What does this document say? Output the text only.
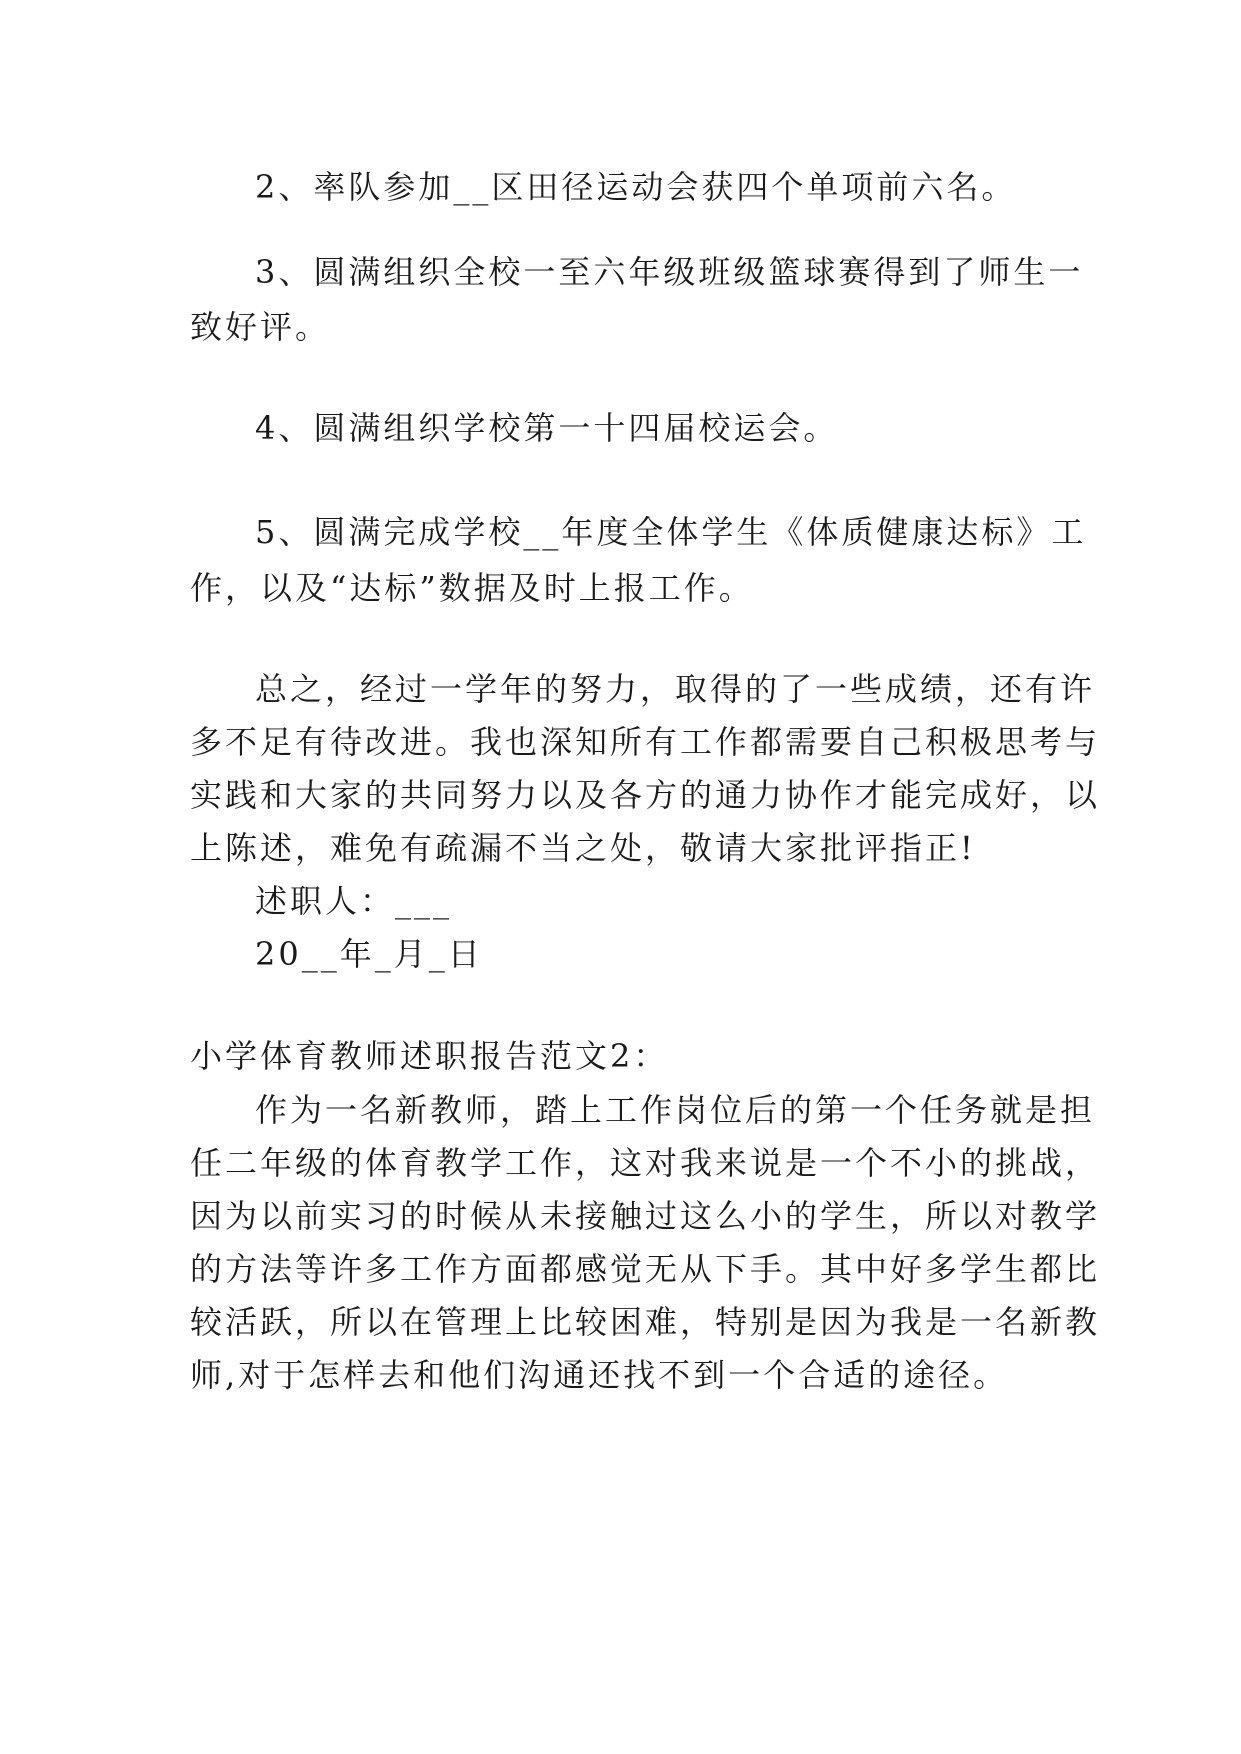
2、率队参加__区田径运动会获四个单项前六名。
3、圆满组织全校一至六年级班级篮球赛得到了师生一
致好评。
4、圆满组织学校第一十四届校运会。
5、圆满完成学校__年度全体学生《体质健康达标》工
作，以及“达标”数据及时上报工作。
总之，经过一学年的努力，取得的了一些成绩，还有许
多不足有待改进。我也深知所有工作都需要自己积极思考与
实践和大家的共同努力以及各方的通力协作才能完成好，以
上陈述，难免有疏漏不当之处，敬请大家批评指正!
述职人：___
20__年_月_日
小学体育教师述职报告范文2：
作为一名新教师，踏上工作岗位后的第一个任务就是担
任二年级的体育教学工作，这对我来说是一个不小的挑战，
因为以前实习的时候从未接触过这么小的学生，所以对教学
的方法等许多工作方面都感觉无从下手。其中好多学生都比
较活跃，所以在管理上比较困难，特别是因为我是一名新教
师,对于怎样去和他们沟通还找不到一个合适的途径。
